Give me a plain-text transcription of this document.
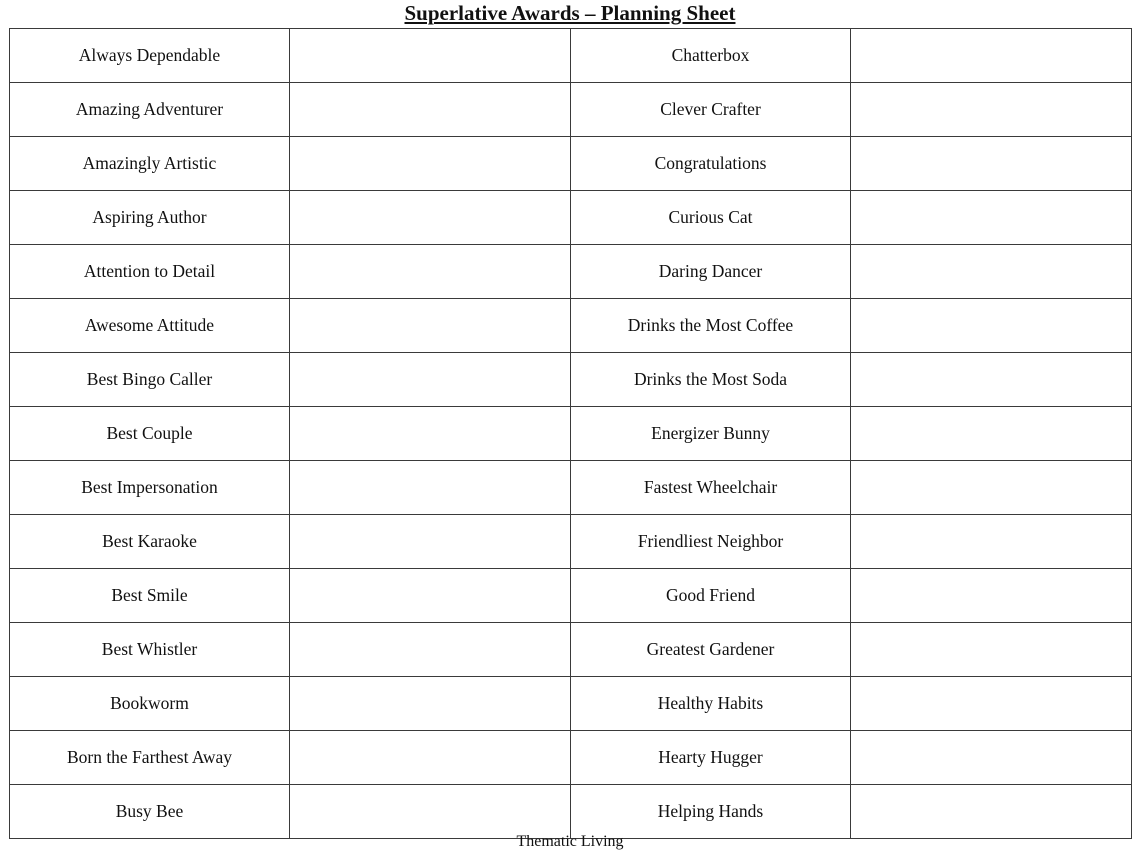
Superlative Awards – Planning Sheet
Always Dependable		Chatterbox	
Amazing Adventurer		Clever Crafter	
Amazingly Artistic		Congratulations	
Aspiring Author		Curious Cat	
Attention to Detail		Daring Dancer	
Awesome Attitude		Drinks the Most Coffee	
Best Bingo Caller		Drinks the Most Soda	
Best Couple		Energizer Bunny	
Best Impersonation		Fastest Wheelchair	
Best Karaoke		Friendliest Neighbor	
Best Smile		Good Friend	
Best Whistler		Greatest Gardener	
Bookworm		Healthy Habits	
Born the Farthest Away		Hearty Hugger	
Busy Bee		Helping Hands	
Thematic Living
